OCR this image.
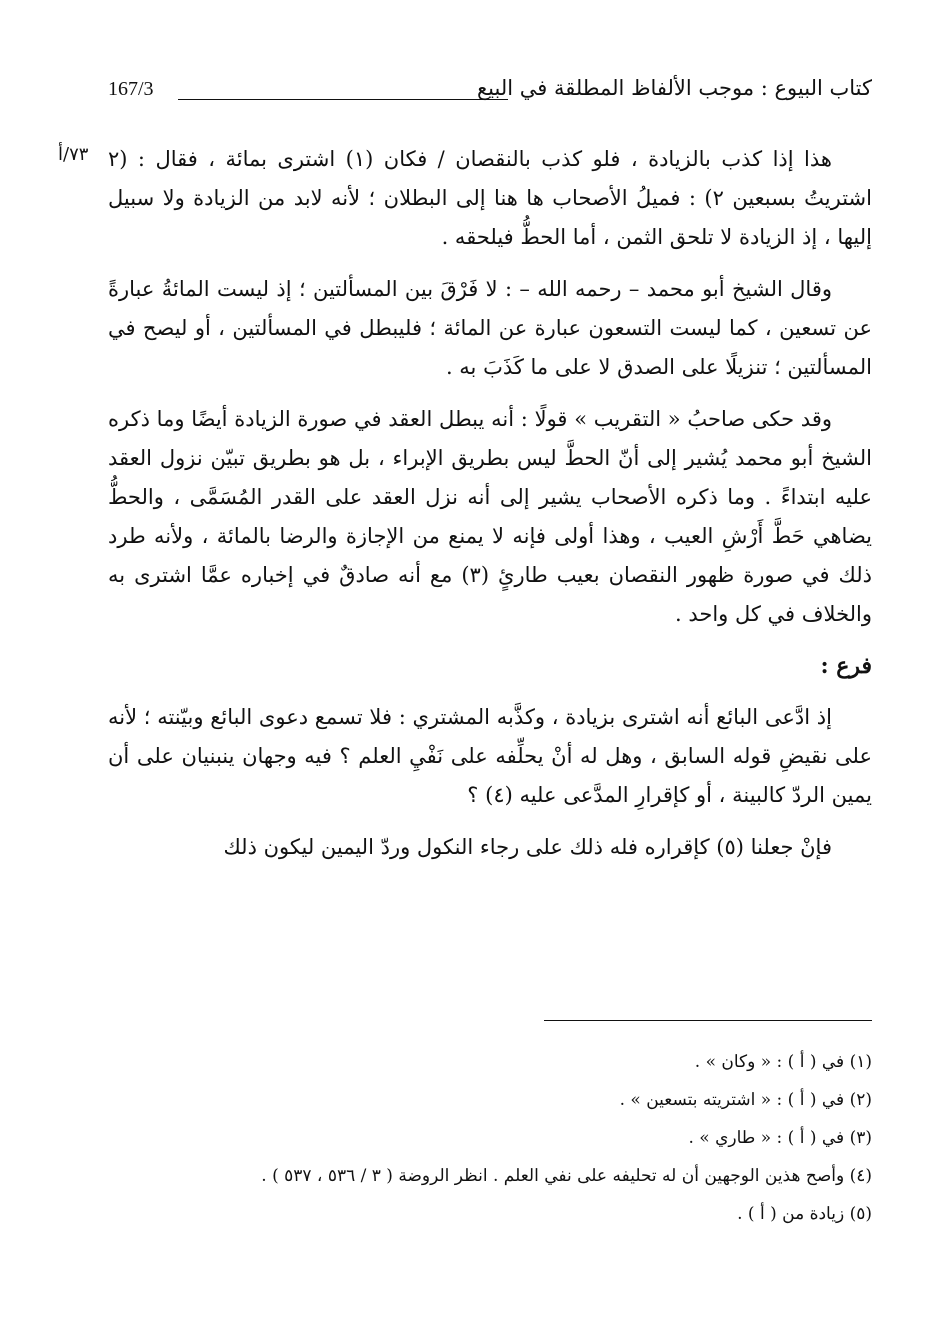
167/3	كتاب البيوع : موجب الألفاظ المطلقة في البيع
٧٣/أ هذا إذا كذب بالزيادة ، فلو كذب بالنقصان / فكان (١) اشترى بمائة ، فقال : (٢ اشتريتُ بسبعين ٢) : فميلُ الأصحاب ها هنا إلى البطلان ؛ لأنه لابد من الزيادة ولا سبيل إليها ، إذ الزيادة لا تلحق الثمن ، أما الحطُّ فيلحقه .

وقال الشيخ أبو محمد – رحمه الله – : لا فَرْقَ بين المسألتين ؛ إذ ليست المائةُ عبارةً عن تسعين ، كما ليست التسعون عبارة عن المائة ؛ فليبطل في المسألتين ، أو ليصح في المسألتين ؛ تنزيلًا على الصدق لا على ما كَذَبَ به .

وقد حكى صاحبُ « التقريب » قولًا : أنه يبطل العقد في صورة الزيادة أيضًا وما ذكره الشيخ أبو محمد يُشير إلى أنّ الحطَّ ليس بطريق الإبراء ، بل هو بطريق تبيّن نزول العقد عليه ابتداءً . وما ذكره الأصحاب يشير إلى أنه نزل العقد على القدر المُسَمَّى ، والحطُّ يضاهي حَطَّ أَرْشِ العيب ، وهذا أولى فإنه لا يمنع من الإجازة والرضا بالمائة ، ولأنه طرد ذلك في صورة ظهور النقصان بعيب طارئٍ (٣) مع أنه صادقٌ في إخباره عمَّا اشترى به والخلاف في كل واحد .

فرع :

إذ ادَّعى البائع أنه اشترى بزيادة ، وكذَّبه المشتري : فلا تسمع دعوى البائع وبيّنته ؛ لأنه على نقيضِ قوله السابق ، وهل له أنْ يحلِّفه على نَفْيِ العلم ؟ فيه وجهان ينبنيان على أن يمين الردّ كالبينة ، أو كإقرارِ المدَّعى عليه (٤) ؟

فإنْ جعلنا (٥) كإقراره فله ذلك على رجاء النكول وردّ اليمين ليكون ذلك

(١) في ( أ ) : « وكان » .
(٢) في ( أ ) : « اشتريته بتسعين » .
(٣) في ( أ ) : « طاري » .
(٤) وأصح هذين الوجهين أن له تحليفه على نفي العلم . انظر الروضة ( ٣ / ٥٣٦ ، ٥٣٧ ) .
(٥) زيادة من ( أ ) .
